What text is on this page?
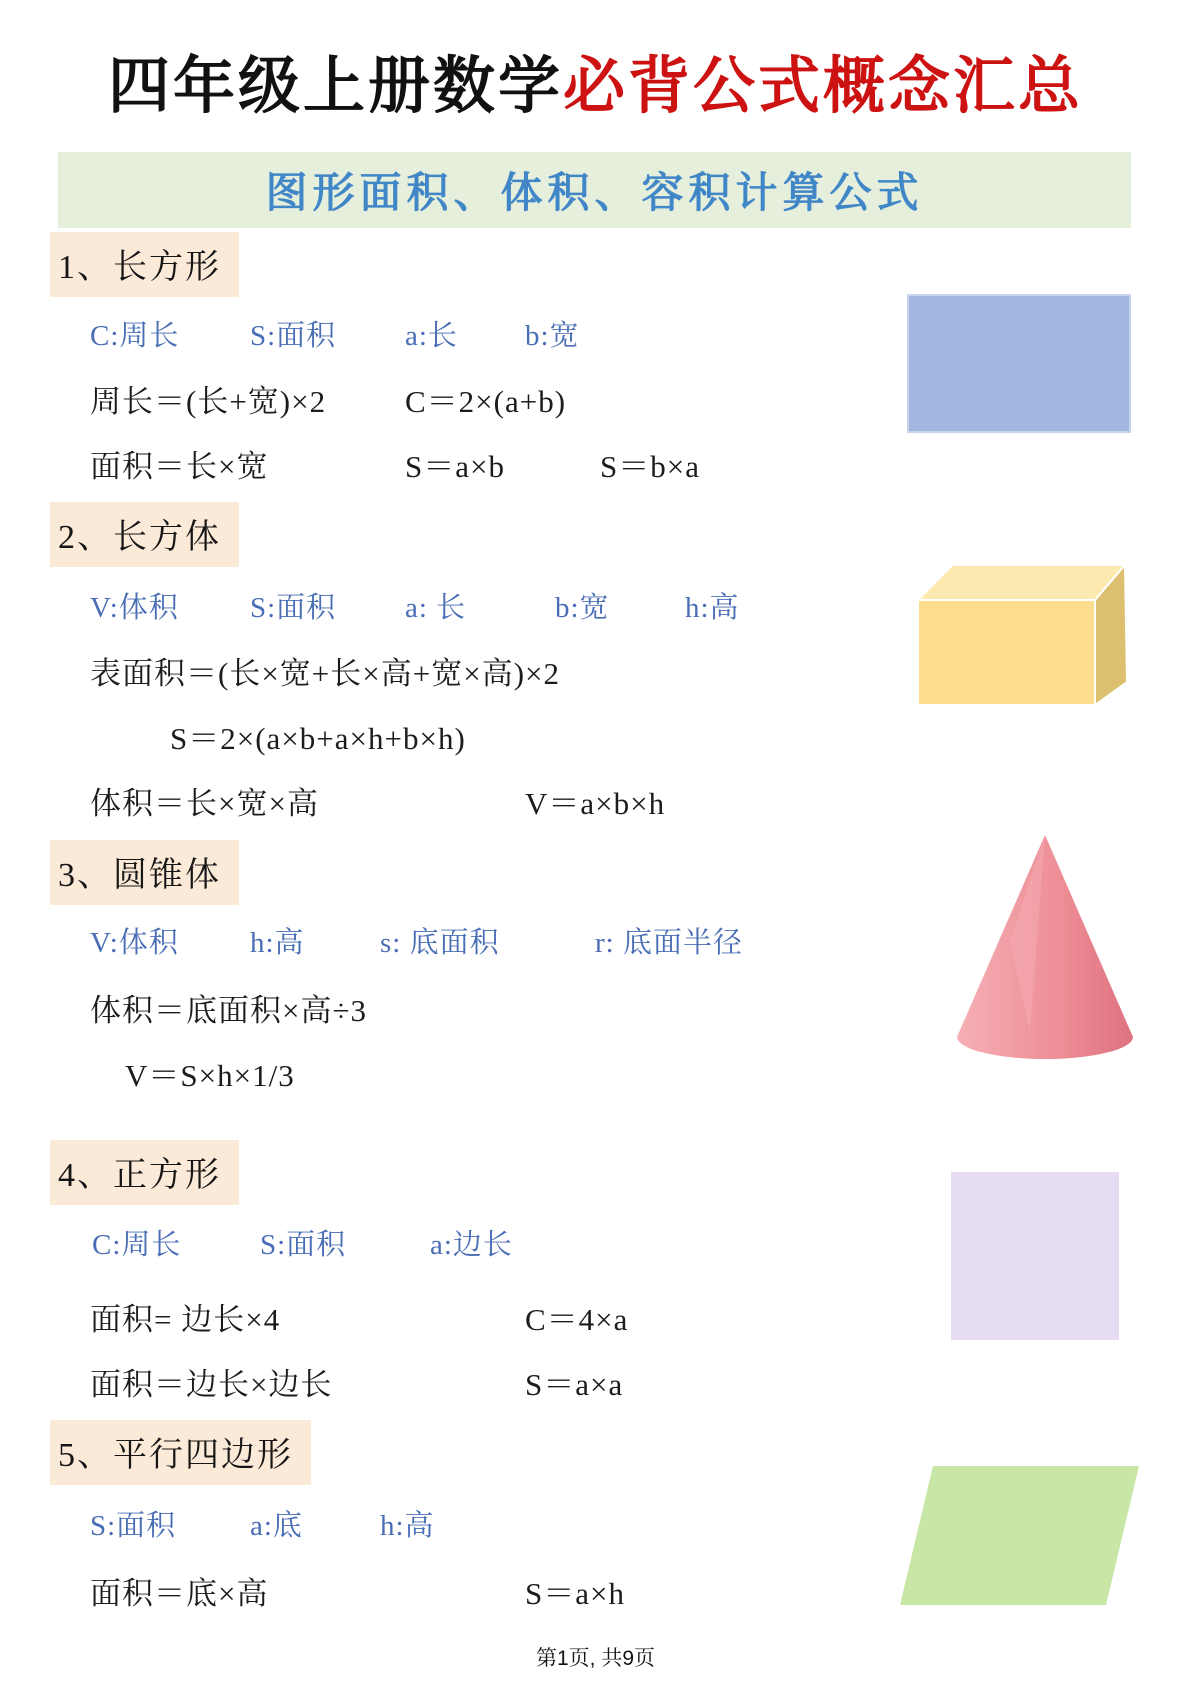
四年级上册数学必背公式概念汇总
图形面积、体积、容积计算公式
1、长方形
C:周长 S:面积 a:长 b:宽
周长＝(长+宽)×2	C＝2×(a+b)
面积＝长×宽	S＝a×b	S＝b×a
2、长方体
V:体积 S:面积 a: 长	b:宽	h:高
表面积＝(长×宽+长×高+宽×高)×2
S＝2×(a×b+a×h+b×h)
体积＝长×宽×高	V＝a×b×h
3、圆锥体
V:体积 h:高	s: 底面积	r: 底面半径
体积＝底面积×高÷3
V＝S×h×1/3
4、正方形
C:周长	S:面积	a:边长
面积= 边长×4	C＝4×a
面积＝边长×边长	S＝a×a
5、平行四边形
S:面积	a:底	h:高
面积＝底×高	S＝a×h
第1页, 共9页
